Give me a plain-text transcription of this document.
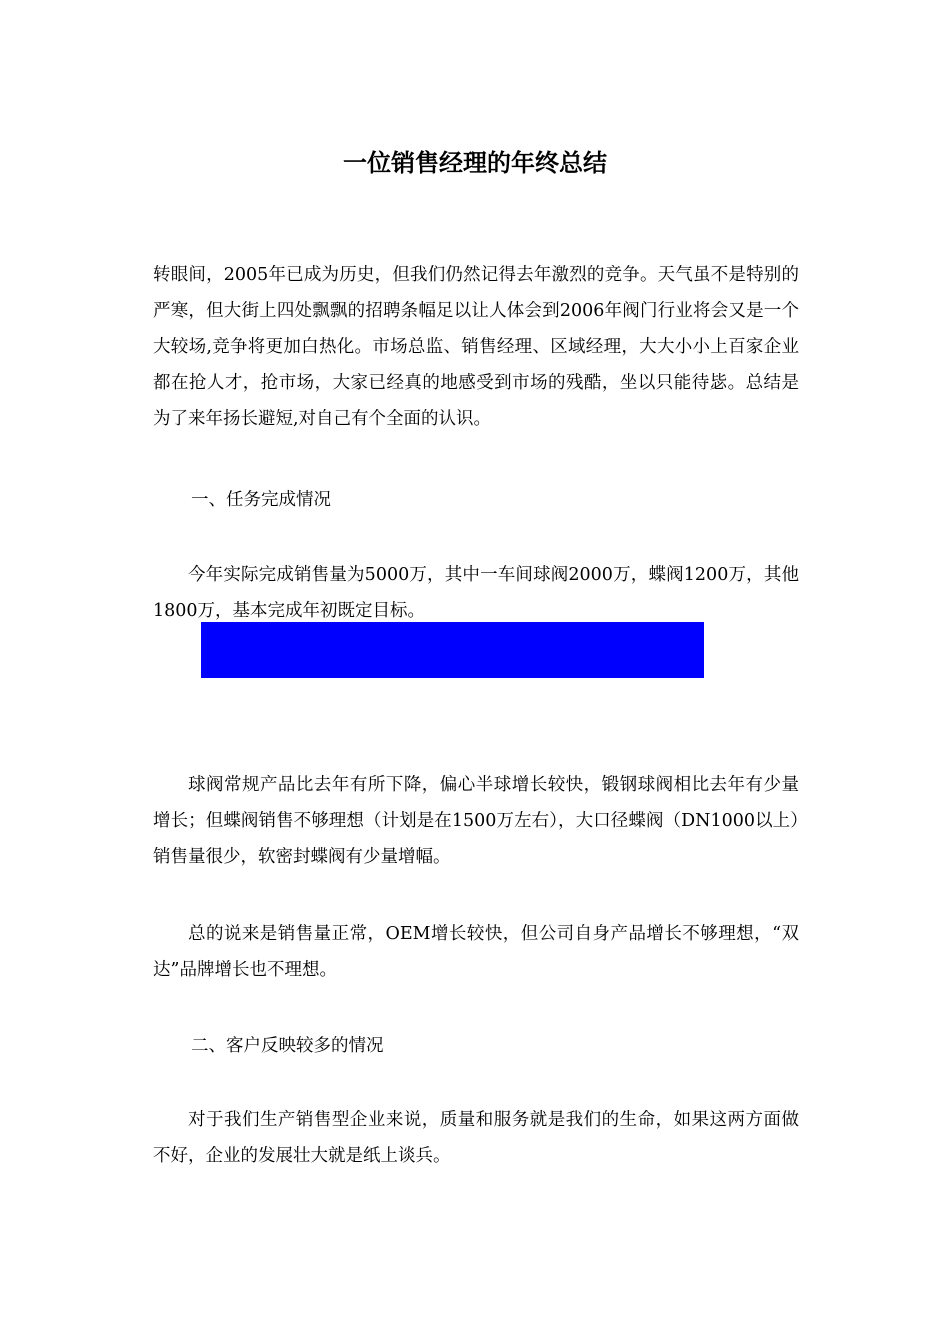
一位销售经理的年终总结

转眼间，2005年已成为历史，但我们仍然记得去年激烈的竞争。天气虽不是特别的严寒，但大街上四处飘飘的招聘条幅足以让人体会到2006年阀门行业将会又是一个大较场,竞争将更加白热化。市场总监、销售经理、区域经理，大大小小上百家企业都在抢人才，抢市场，大家已经真的地感受到市场的残酷，坐以只能待毖。总结是为了来年扬长避短,对自己有个全面的认识。

一、任务完成情况

今年实际完成销售量为5000万，其中一车间球阀2000万，蝶阀1200万，其他1800万，基本完成年初既定目标。

球阀常规产品比去年有所下降，偏心半球增长较快，锻钢球阀相比去年有少量增长；但蝶阀销售不够理想（计划是在1500万左右），大口径蝶阀（DN1000以上）销售量很少，软密封蝶阀有少量增幅。

总的说来是销售量正常，OEM增长较快，但公司自身产品增长不够理想，“双达”品牌增长也不理想。

二、客户反映较多的情况

对于我们生产销售型企业来说，质量和服务就是我们的生命，如果这两方面做不好，企业的发展壮大就是纸上谈兵。
